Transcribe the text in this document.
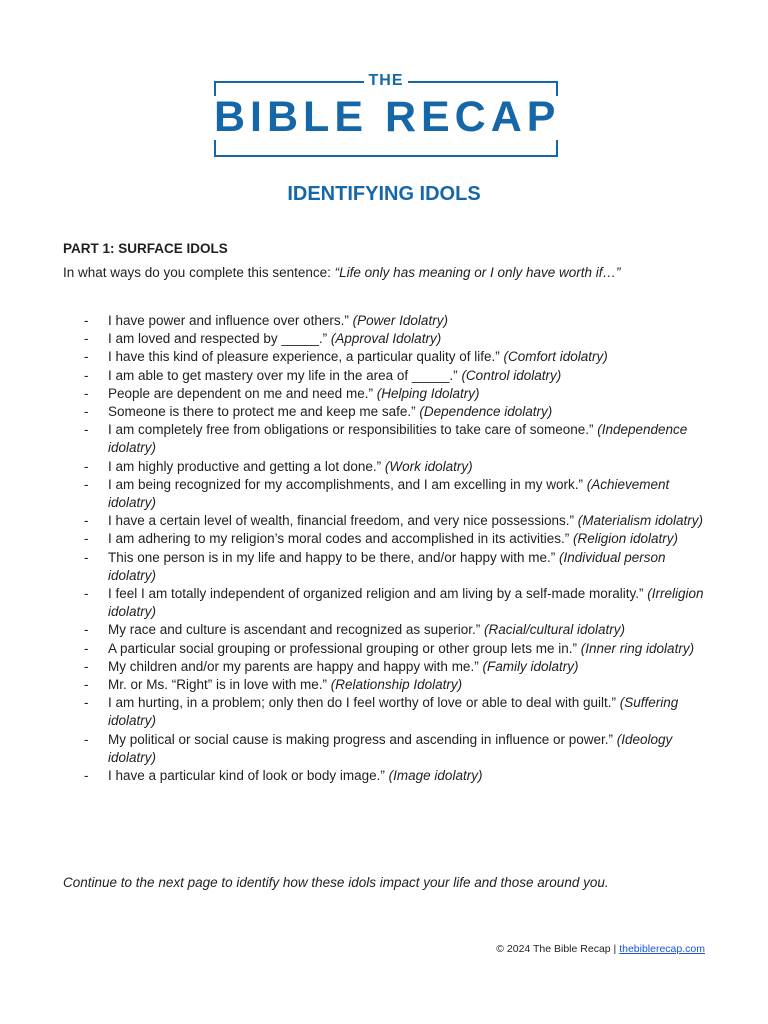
THE
BIBLE RECAP
IDENTIFYING IDOLS
PART 1: SURFACE IDOLS
In what ways do you complete this sentence: “Life only has meaning or I only have worth if…”
- I have power and influence over others.” (Power Idolatry)
- I am loved and respected by _____.” (Approval Idolatry)
- I have this kind of pleasure experience, a particular quality of life.” (Comfort idolatry)
- I am able to get mastery over my life in the area of _____.” (Control idolatry)
- People are dependent on me and need me.” (Helping Idolatry)
- Someone is there to protect me and keep me safe.” (Dependence idolatry)
- I am completely free from obligations or responsibilities to take care of someone.” (Independence idolatry)
- I am highly productive and getting a lot done.” (Work idolatry)
- I am being recognized for my accomplishments, and I am excelling in my work.” (Achievement idolatry)
- I have a certain level of wealth, financial freedom, and very nice possessions.” (Materialism idolatry)
- I am adhering to my religion’s moral codes and accomplished in its activities.” (Religion idolatry)
- This one person is in my life and happy to be there, and/or happy with me.” (Individual person idolatry)
- I feel I am totally independent of organized religion and am living by a self-made morality.” (Irreligion idolatry)
- My race and culture is ascendant and recognized as superior.” (Racial/cultural idolatry)
- A particular social grouping or professional grouping or other group lets me in.” (Inner ring idolatry)
- My children and/or my parents are happy and happy with me.” (Family idolatry)
- Mr. or Ms. “Right” is in love with me.” (Relationship Idolatry)
- I am hurting, in a problem; only then do I feel worthy of love or able to deal with guilt.” (Suffering idolatry)
- My political or social cause is making progress and ascending in influence or power.” (Ideology idolatry)
- I have a particular kind of look or body image.” (Image idolatry)
Continue to the next page to identify how these idols impact your life and those around you.
© 2024 The Bible Recap | thebiblerecap.com
